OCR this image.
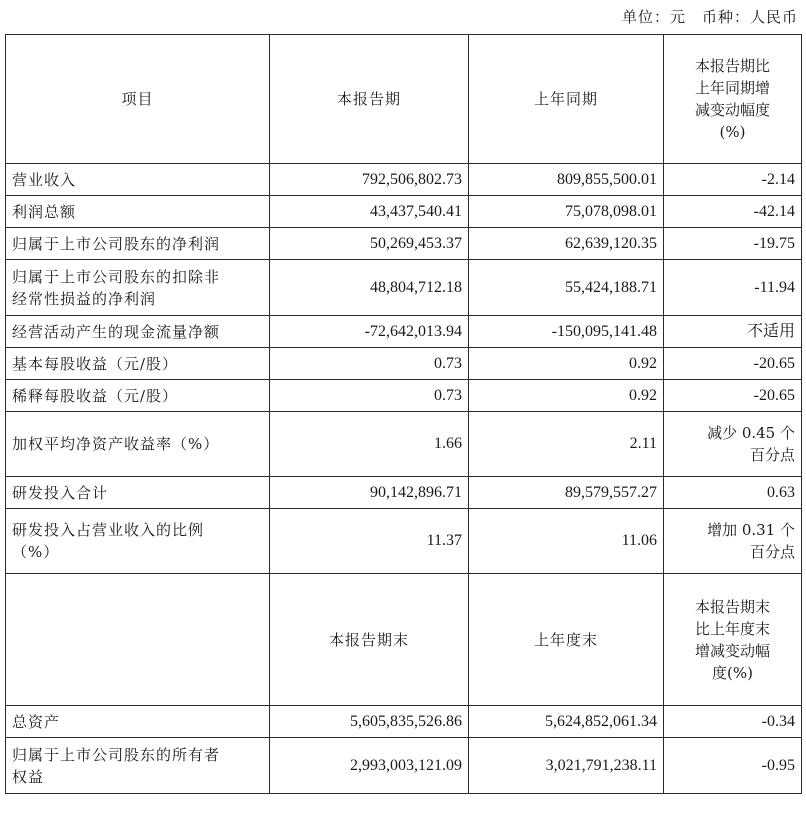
单位：元　币种：人民币
项目	本报告期	上年同期	本报告期比
上年同期增
减变动幅度
(%)
营业收入	792,506,802.73	809,855,500.01	-2.14
利润总额	43,437,540.41	75,078,098.01	-42.14
归属于上市公司股东的净利润	50,269,453.37	62,639,120.35	-19.75
归属于上市公司股东的扣除非
经常性损益的净利润	48,804,712.18	55,424,188.71	-11.94
经营活动产生的现金流量净额	-72,642,013.94	-150,095,141.48	不适用
基本每股收益（元/股）	0.73	0.92	-20.65
稀释每股收益（元/股）	0.73	0.92	-20.65
加权平均净资产收益率（%）	1.66	2.11	减少 0.45 个
百分点
研发投入合计	90,142,896.71	89,579,557.27	0.63
研发投入占营业收入的比例
（%）	11.37	11.06	增加 0.31 个
百分点
	本报告期末	上年度末	本报告期末
比上年度末
增减变动幅
度(%)
总资产	5,605,835,526.86	5,624,852,061.34	-0.34
归属于上市公司股东的所有者
权益	2,993,003,121.09	3,021,791,238.11	-0.95
